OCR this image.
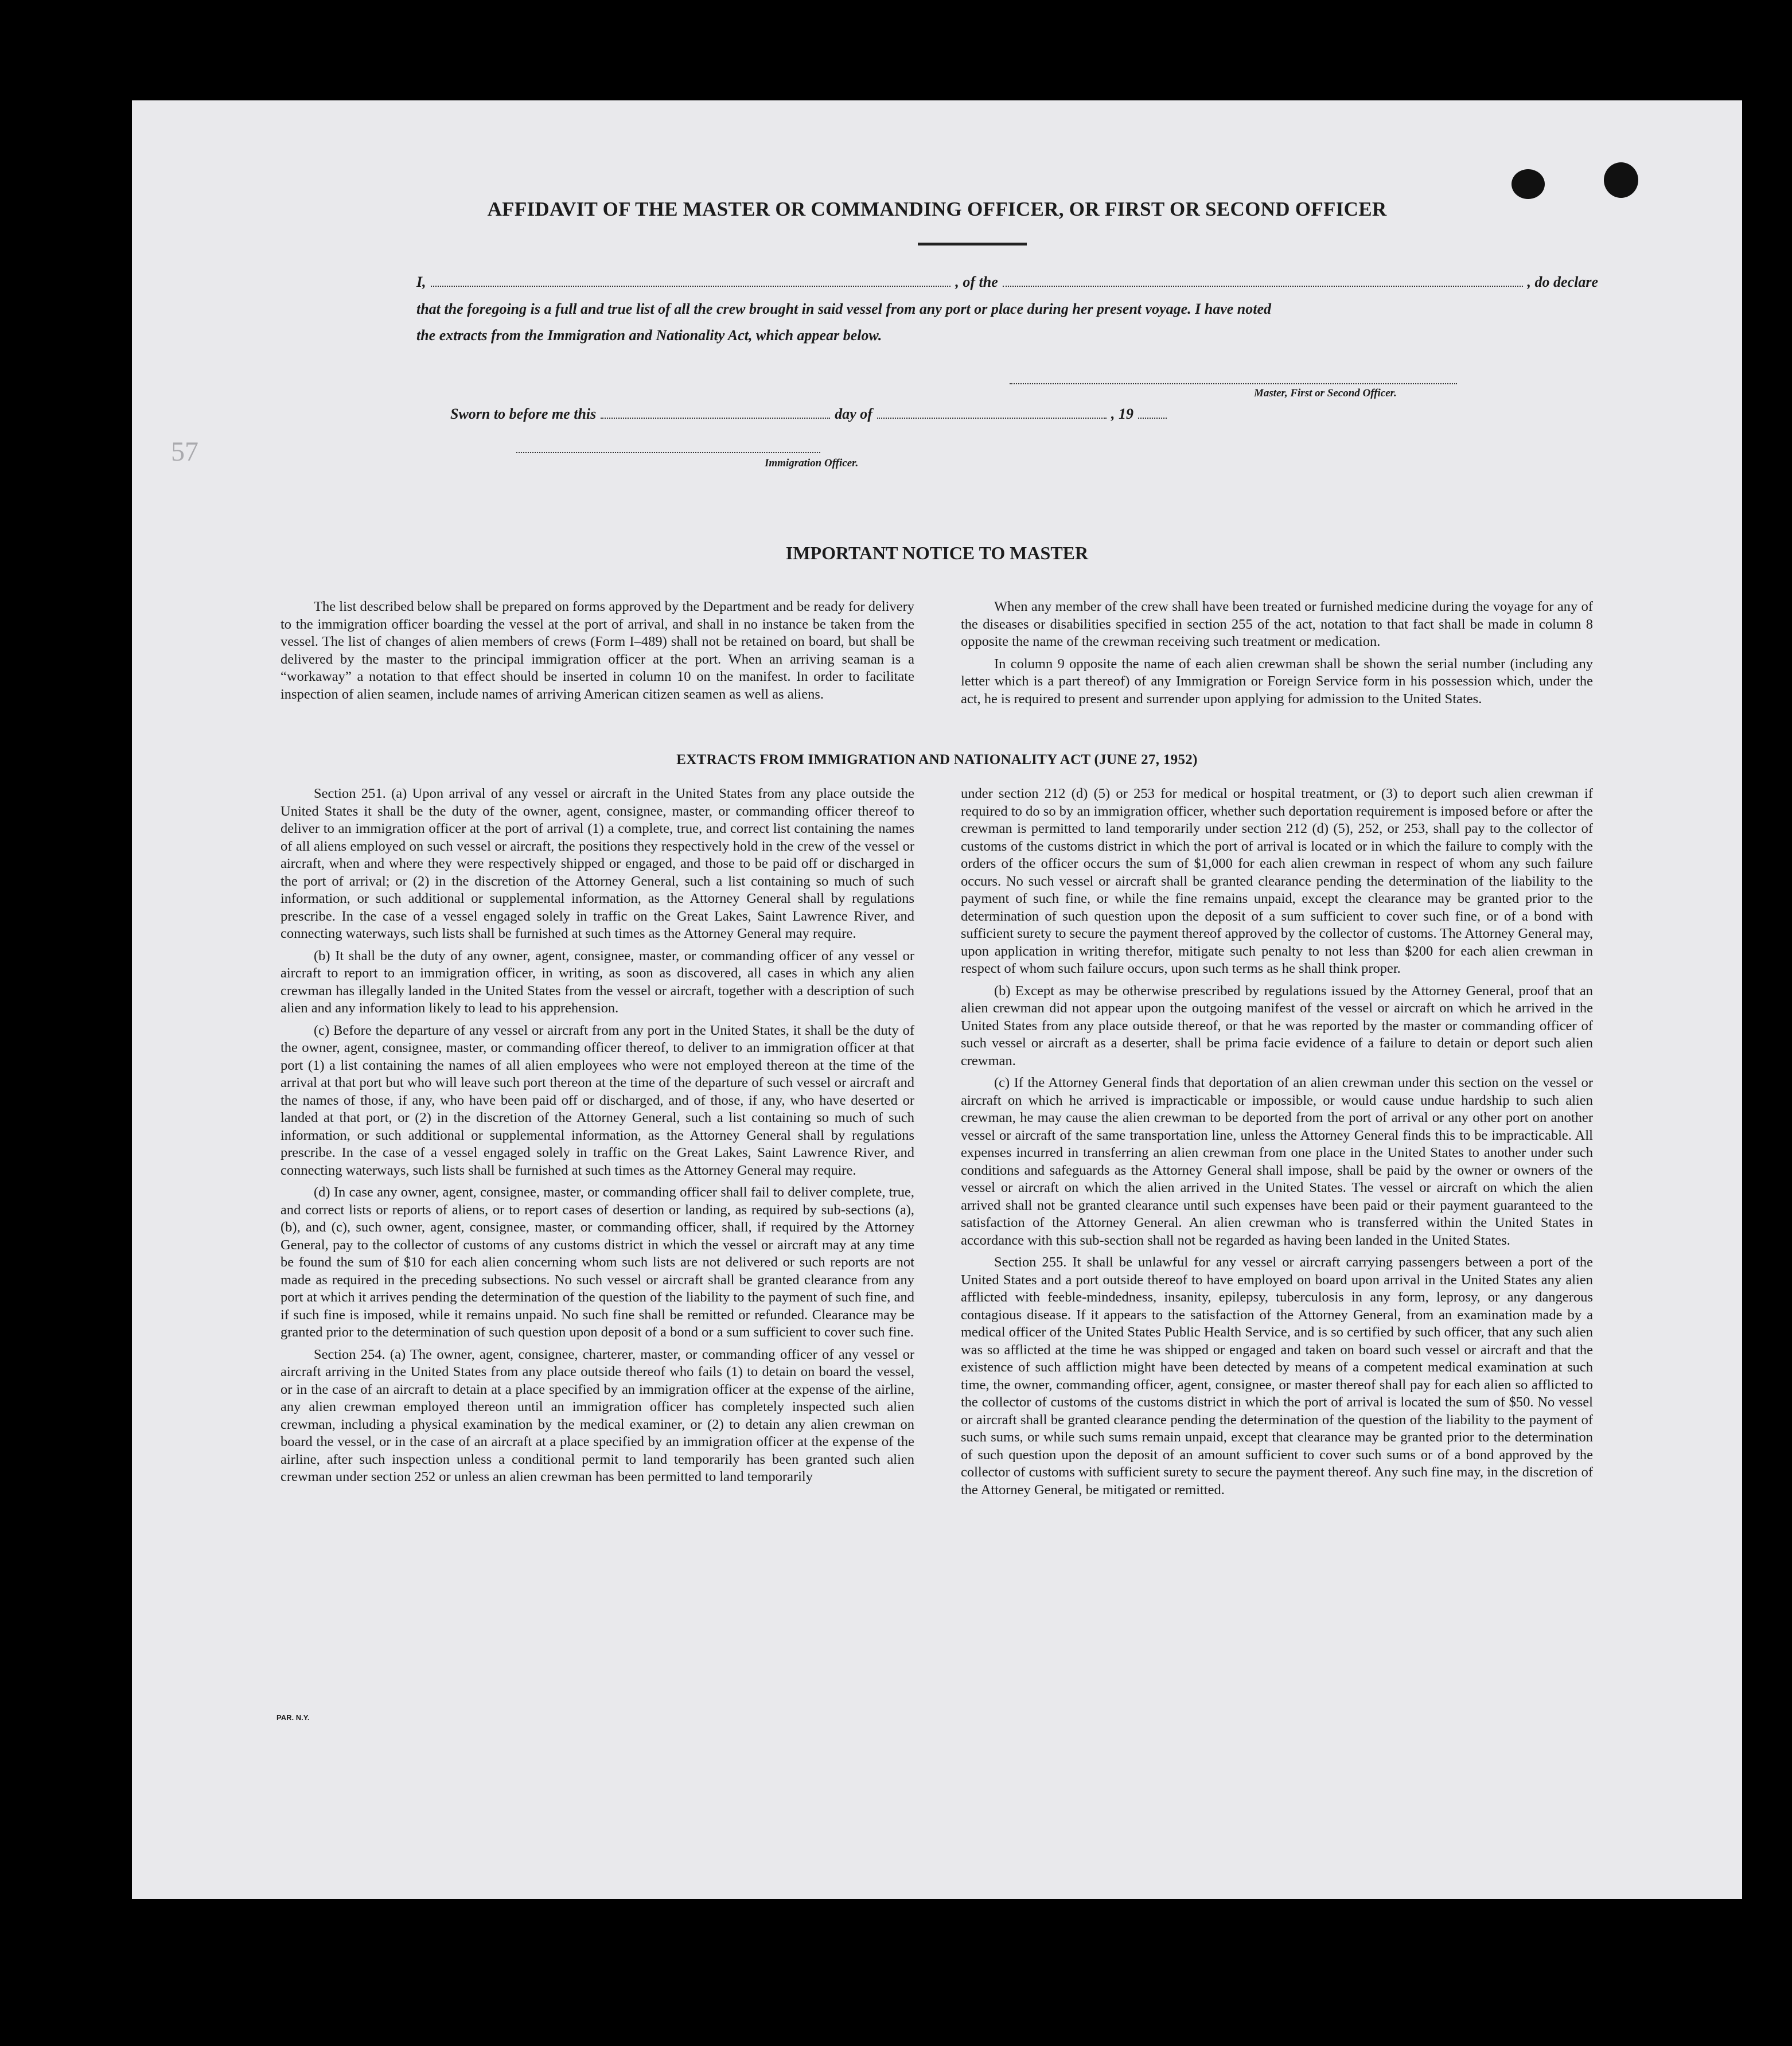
57
AFFIDAVIT OF THE MASTER OR COMMANDING OFFICER, OR FIRST OR SECOND OFFICER
I,	, of the	, do declare
that the foregoing is a full and true list of all the crew brought in said vessel from any port or place during her present voyage. I have noted
the extracts from the Immigration and Nationality Act, which appear below.
Master, First or Second Officer.
Sworn to before me this	day of	, 19
Immigration Officer.
IMPORTANT NOTICE TO MASTER

The list described below shall be prepared on forms approved by the Department and be ready for delivery to the immigration officer boarding the vessel at the port of arrival, and shall in no instance be taken from the vessel. The list of changes of alien members of crews (Form I–489) shall not be retained on board, but shall be delivered by the master to the principal immigration officer at the port. When an arriving seaman is a “workaway” a notation to that effect should be inserted in column 10 on the manifest. In order to facilitate inspection of alien seamen, include names of arriving American citizen seamen as well as aliens.

When any member of the crew shall have been treated or furnished medicine during the voyage for any of the diseases or disabilities specified in section 255 of the act, notation to that fact shall be made in column 8 opposite the name of the crewman receiving such treatment or medication.

In column 9 opposite the name of each alien crewman shall be shown the serial number (including any letter which is a part thereof) of any Immigration or Foreign Service form in his possession which, under the act, he is required to present and surrender upon applying for admission to the United States.

EXTRACTS FROM IMMIGRATION AND NATIONALITY ACT (JUNE 27, 1952)

Section 251. (a) Upon arrival of any vessel or aircraft in the United States from any place outside the United States it shall be the duty of the owner, agent, consignee, master, or commanding officer thereof to deliver to an immigration officer at the port of arrival (1) a complete, true, and correct list containing the names of all aliens employed on such vessel or aircraft, the positions they respectively hold in the crew of the vessel or aircraft, when and where they were respectively shipped or engaged, and those to be paid off or discharged in the port of arrival; or (2) in the discretion of the Attorney General, such a list containing so much of such information, or such additional or supplemental information, as the Attorney General shall by regulations prescribe. In the case of a vessel engaged solely in traffic on the Great Lakes, Saint Lawrence River, and connecting waterways, such lists shall be furnished at such times as the Attorney General may require.

(b) It shall be the duty of any owner, agent, consignee, master, or commanding officer of any vessel or aircraft to report to an immigration officer, in writing, as soon as discovered, all cases in which any alien crewman has illegally landed in the United States from the vessel or aircraft, together with a description of such alien and any information likely to lead to his apprehension.

(c) Before the departure of any vessel or aircraft from any port in the United States, it shall be the duty of the owner, agent, consignee, master, or commanding officer thereof, to deliver to an immigration officer at that port (1) a list containing the names of all alien employees who were not employed thereon at the time of the arrival at that port but who will leave such port thereon at the time of the departure of such vessel or aircraft and the names of those, if any, who have been paid off or discharged, and of those, if any, who have deserted or landed at that port, or (2) in the discretion of the Attorney General, such a list containing so much of such information, or such additional or supplemental information, as the Attorney General shall by regulations prescribe. In the case of a vessel engaged solely in traffic on the Great Lakes, Saint Lawrence River, and connecting waterways, such lists shall be furnished at such times as the Attorney General may require.

(d) In case any owner, agent, consignee, master, or commanding officer shall fail to deliver complete, true, and correct lists or reports of aliens, or to report cases of desertion or landing, as required by sub-sections (a), (b), and (c), such owner, agent, consignee, master, or commanding officer, shall, if required by the Attorney General, pay to the collector of customs of any customs district in which the vessel or aircraft may at any time be found the sum of $10 for each alien concerning whom such lists are not delivered or such reports are not made as required in the preceding subsections. No such vessel or aircraft shall be granted clearance from any port at which it arrives pending the determination of the question of the liability to the payment of such fine, and if such fine is imposed, while it remains unpaid. No such fine shall be remitted or refunded. Clearance may be granted prior to the determination of such question upon deposit of a bond or a sum sufficient to cover such fine.

Section 254. (a) The owner, agent, consignee, charterer, master, or commanding officer of any vessel or aircraft arriving in the United States from any place outside thereof who fails (1) to detain on board the vessel, or in the case of an aircraft to detain at a place specified by an immigration officer at the expense of the airline, any alien crewman employed thereon until an immigration officer has completely inspected such alien crewman, including a physical examination by the medical examiner, or (2) to detain any alien crewman on board the vessel, or in the case of an aircraft at a place specified by an immigration officer at the expense of the airline, after such inspection unless a conditional permit to land temporarily has been granted such alien crewman under section 252 or unless an alien crewman has been permitted to land temporarily

under section 212 (d) (5) or 253 for medical or hospital treatment, or (3) to deport such alien crewman if required to do so by an immigration officer, whether such deportation requirement is imposed before or after the crewman is permitted to land temporarily under section 212 (d) (5), 252, or 253, shall pay to the collector of customs of the customs district in which the port of arrival is located or in which the failure to comply with the orders of the officer occurs the sum of $1,000 for each alien crewman in respect of whom any such failure occurs. No such vessel or aircraft shall be granted clearance pending the determination of the liability to the payment of such fine, or while the fine remains unpaid, except the clearance may be granted prior to the determination of such question upon the deposit of a sum sufficient to cover such fine, or of a bond with sufficient surety to secure the payment thereof approved by the collector of customs. The Attorney General may, upon application in writing therefor, mitigate such penalty to not less than $200 for each alien crewman in respect of whom such failure occurs, upon such terms as he shall think proper.

(b) Except as may be otherwise prescribed by regulations issued by the Attorney General, proof that an alien crewman did not appear upon the outgoing manifest of the vessel or aircraft on which he arrived in the United States from any place outside thereof, or that he was reported by the master or commanding officer of such vessel or aircraft as a deserter, shall be prima facie evidence of a failure to detain or deport such alien crewman.

(c) If the Attorney General finds that deportation of an alien crewman under this section on the vessel or aircraft on which he arrived is impracticable or impossible, or would cause undue hardship to such alien crewman, he may cause the alien crewman to be deported from the port of arrival or any other port on another vessel or aircraft of the same transportation line, unless the Attorney General finds this to be impracticable. All expenses incurred in transferring an alien crewman from one place in the United States to another under such conditions and safeguards as the Attorney General shall impose, shall be paid by the owner or owners of the vessel or aircraft on which the alien arrived in the United States. The vessel or aircraft on which the alien arrived shall not be granted clearance until such expenses have been paid or their payment guaranteed to the satisfaction of the Attorney General. An alien crewman who is transferred within the United States in accordance with this sub-section shall not be regarded as having been landed in the United States.

Section 255. It shall be unlawful for any vessel or aircraft carrying passengers between a port of the United States and a port outside thereof to have employed on board upon arrival in the United States any alien afflicted with feeble-mindedness, insanity, epilepsy, tuberculosis in any form, leprosy, or any dangerous contagious disease. If it appears to the satisfaction of the Attorney General, from an examination made by a medical officer of the United States Public Health Service, and is so certified by such officer, that any such alien was so afflicted at the time he was shipped or engaged and taken on board such vessel or aircraft and that the existence of such affliction might have been detected by means of a competent medical examination at such time, the owner, commanding officer, agent, consignee, or master thereof shall pay for each alien so afflicted to the collector of customs of the customs district in which the port of arrival is located the sum of $50. No vessel or aircraft shall be granted clearance pending the determination of the question of the liability to the payment of such sums, or while such sums remain unpaid, except that clearance may be granted prior to the determination of such question upon the deposit of an amount sufficient to cover such sums or of a bond approved by the collector of customs with sufficient surety to secure the payment thereof. Any such fine may, in the discretion of the Attorney General, be mitigated or remitted.

PAR. N.Y.
